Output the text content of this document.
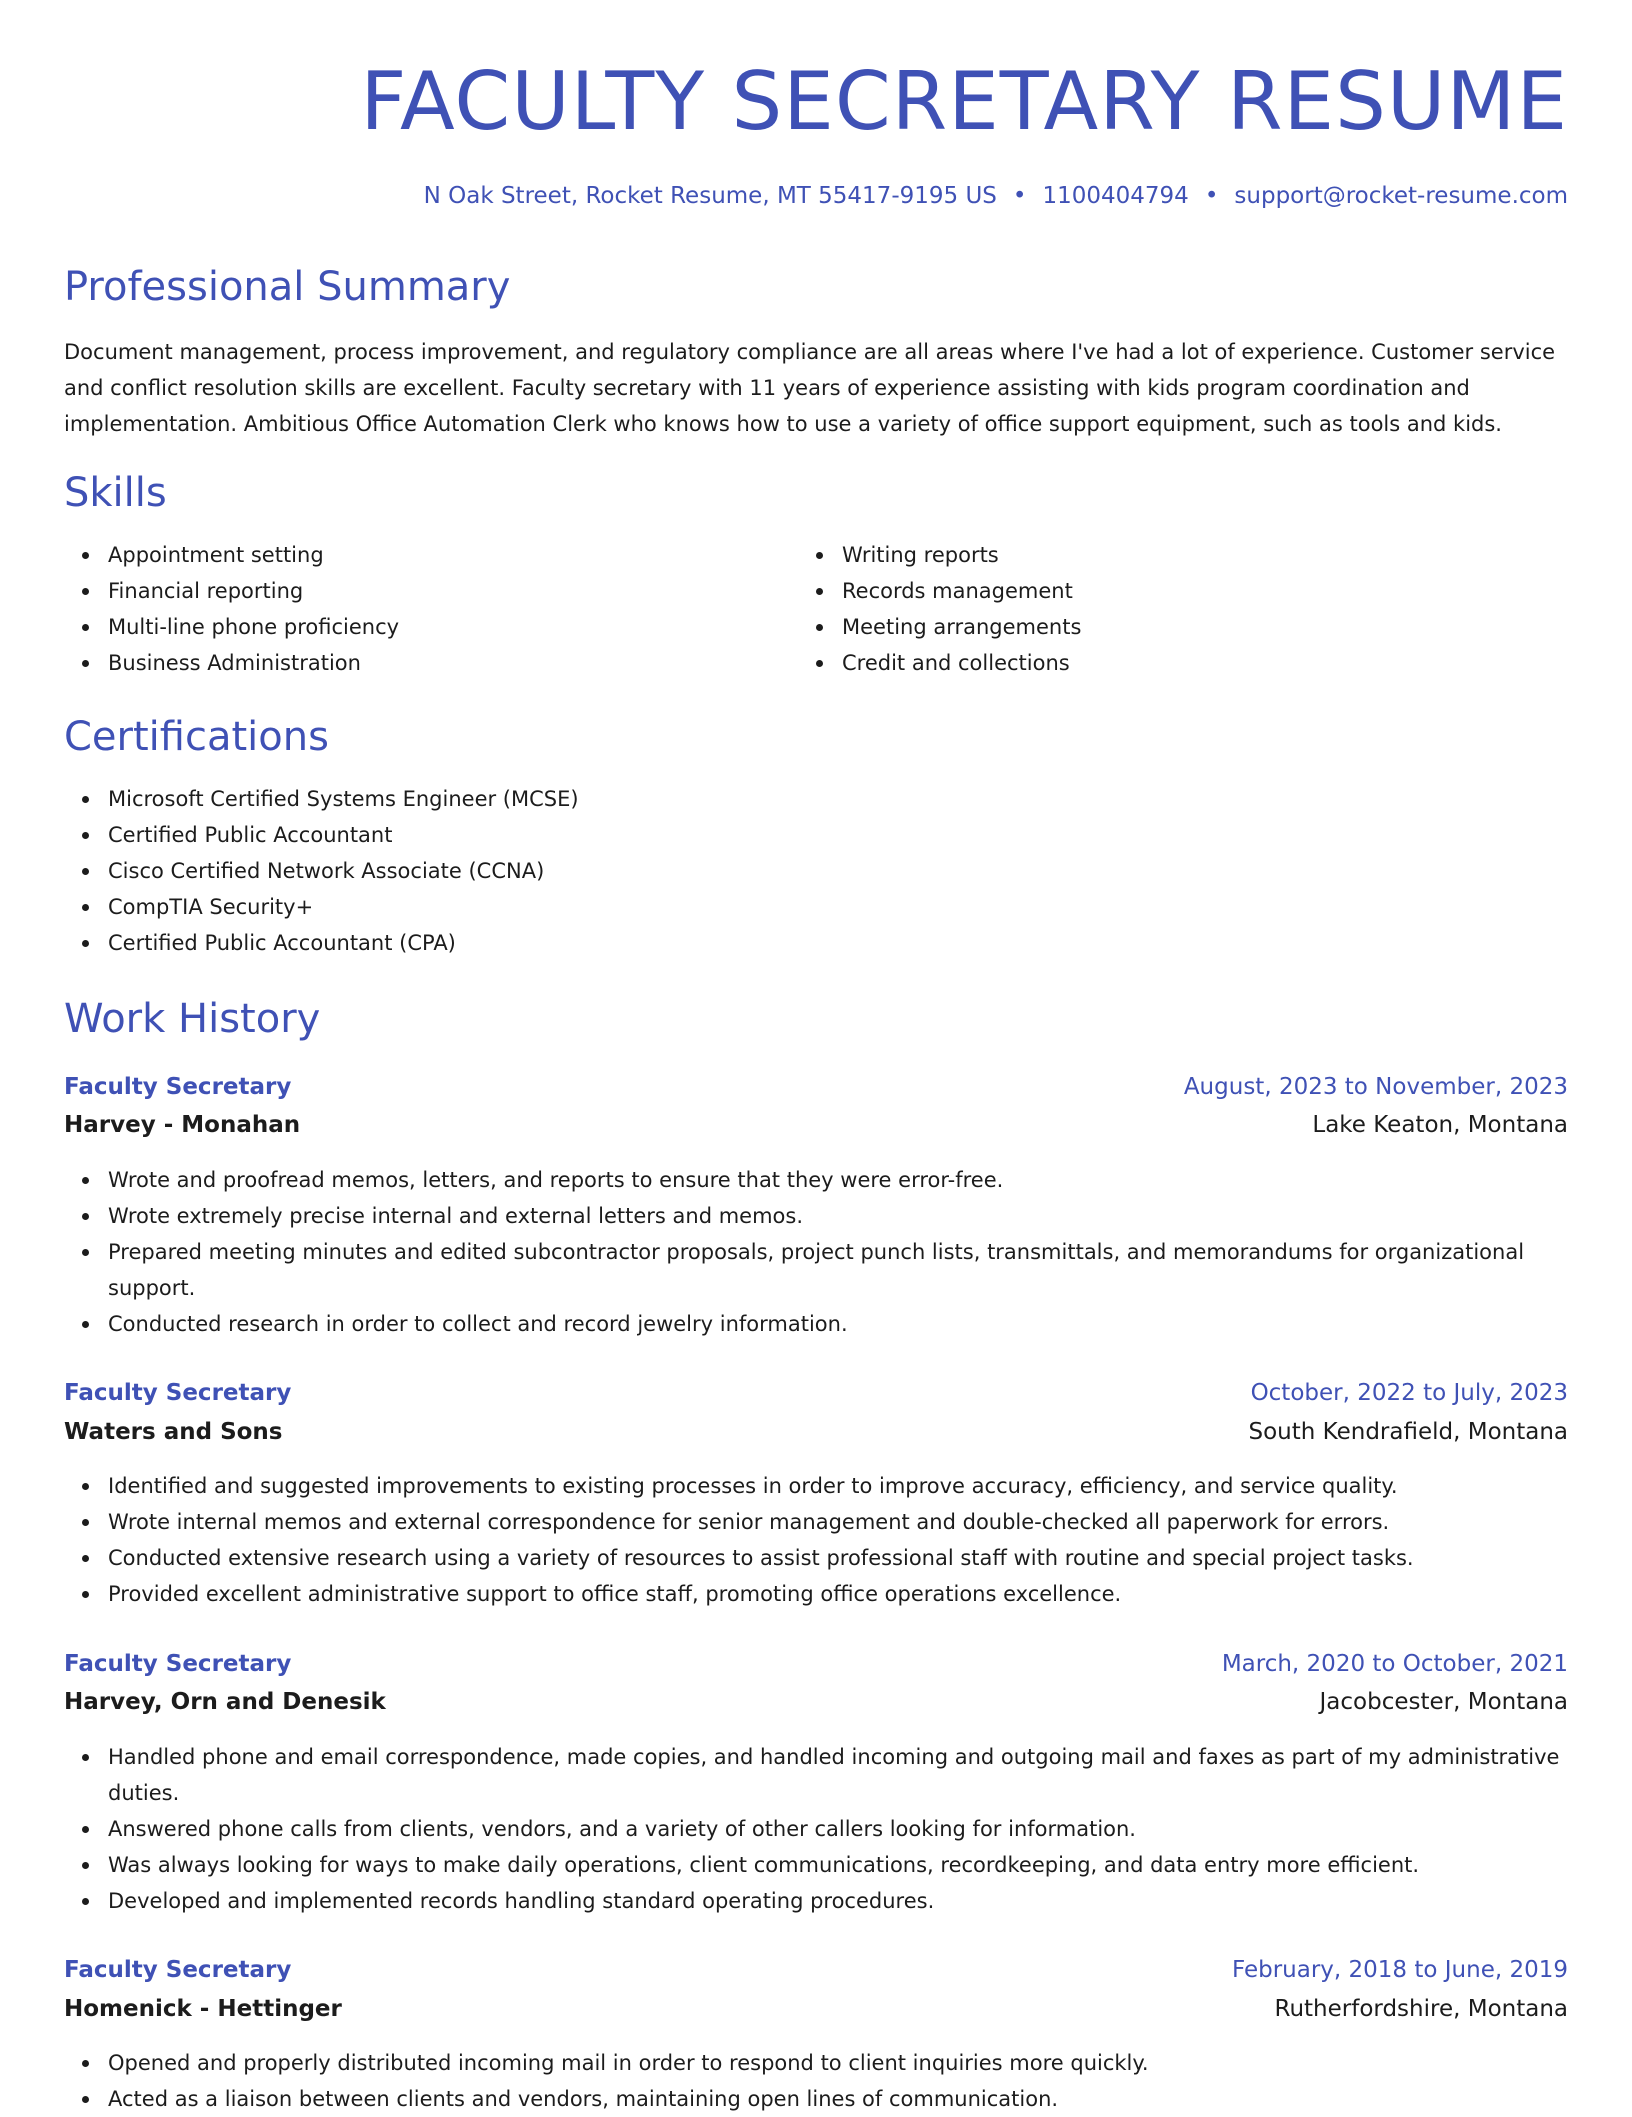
FACULTY SECRETARY RESUME
N Oak Street, Rocket Resume, MT 55417-9195 US • 1100404794 • support@rocket-resume.com
Professional Summary
Document management, process improvement, and regulatory compliance are all areas where I've had a lot of experience. Customer service and conflict resolution skills are excellent. Faculty secretary with 11 years of experience assisting with kids program coordination and implementation. Ambitious Office Automation Clerk who knows how to use a variety of office support equipment, such as tools and kids.
Skills
Appointment setting
Financial reporting
Multi-line phone proficiency
Business Administration
Writing reports
Records management
Meeting arrangements
Credit and collections
Certifications
Microsoft Certified Systems Engineer (MCSE)
Certified Public Accountant
Cisco Certified Network Associate (CCNA)
CompTIA Security+
Certified Public Accountant (CPA)
Work History
Faculty Secretary	August, 2023 to November, 2023
Harvey - Monahan	Lake Keaton, Montana
Wrote and proofread memos, letters, and reports to ensure that they were error-free.
Wrote extremely precise internal and external letters and memos.
Prepared meeting minutes and edited subcontractor proposals, project punch lists, transmittals, and memorandums for organizational support.
Conducted research in order to collect and record jewelry information.
Faculty Secretary	October, 2022 to July, 2023
Waters and Sons	South Kendrafield, Montana
Identified and suggested improvements to existing processes in order to improve accuracy, efficiency, and service quality.
Wrote internal memos and external correspondence for senior management and double-checked all paperwork for errors.
Conducted extensive research using a variety of resources to assist professional staff with routine and special project tasks.
Provided excellent administrative support to office staff, promoting office operations excellence.
Faculty Secretary	March, 2020 to October, 2021
Harvey, Orn and Denesik	Jacobcester, Montana
Handled phone and email correspondence, made copies, and handled incoming and outgoing mail and faxes as part of my administrative duties.
Answered phone calls from clients, vendors, and a variety of other callers looking for information.
Was always looking for ways to make daily operations, client communications, recordkeeping, and data entry more efficient.
Developed and implemented records handling standard operating procedures.
Faculty Secretary	February, 2018 to June, 2019
Homenick - Hettinger	Rutherfordshire, Montana
Opened and properly distributed incoming mail in order to respond to client inquiries more quickly.
Acted as a liaison between clients and vendors, maintaining open lines of communication.
